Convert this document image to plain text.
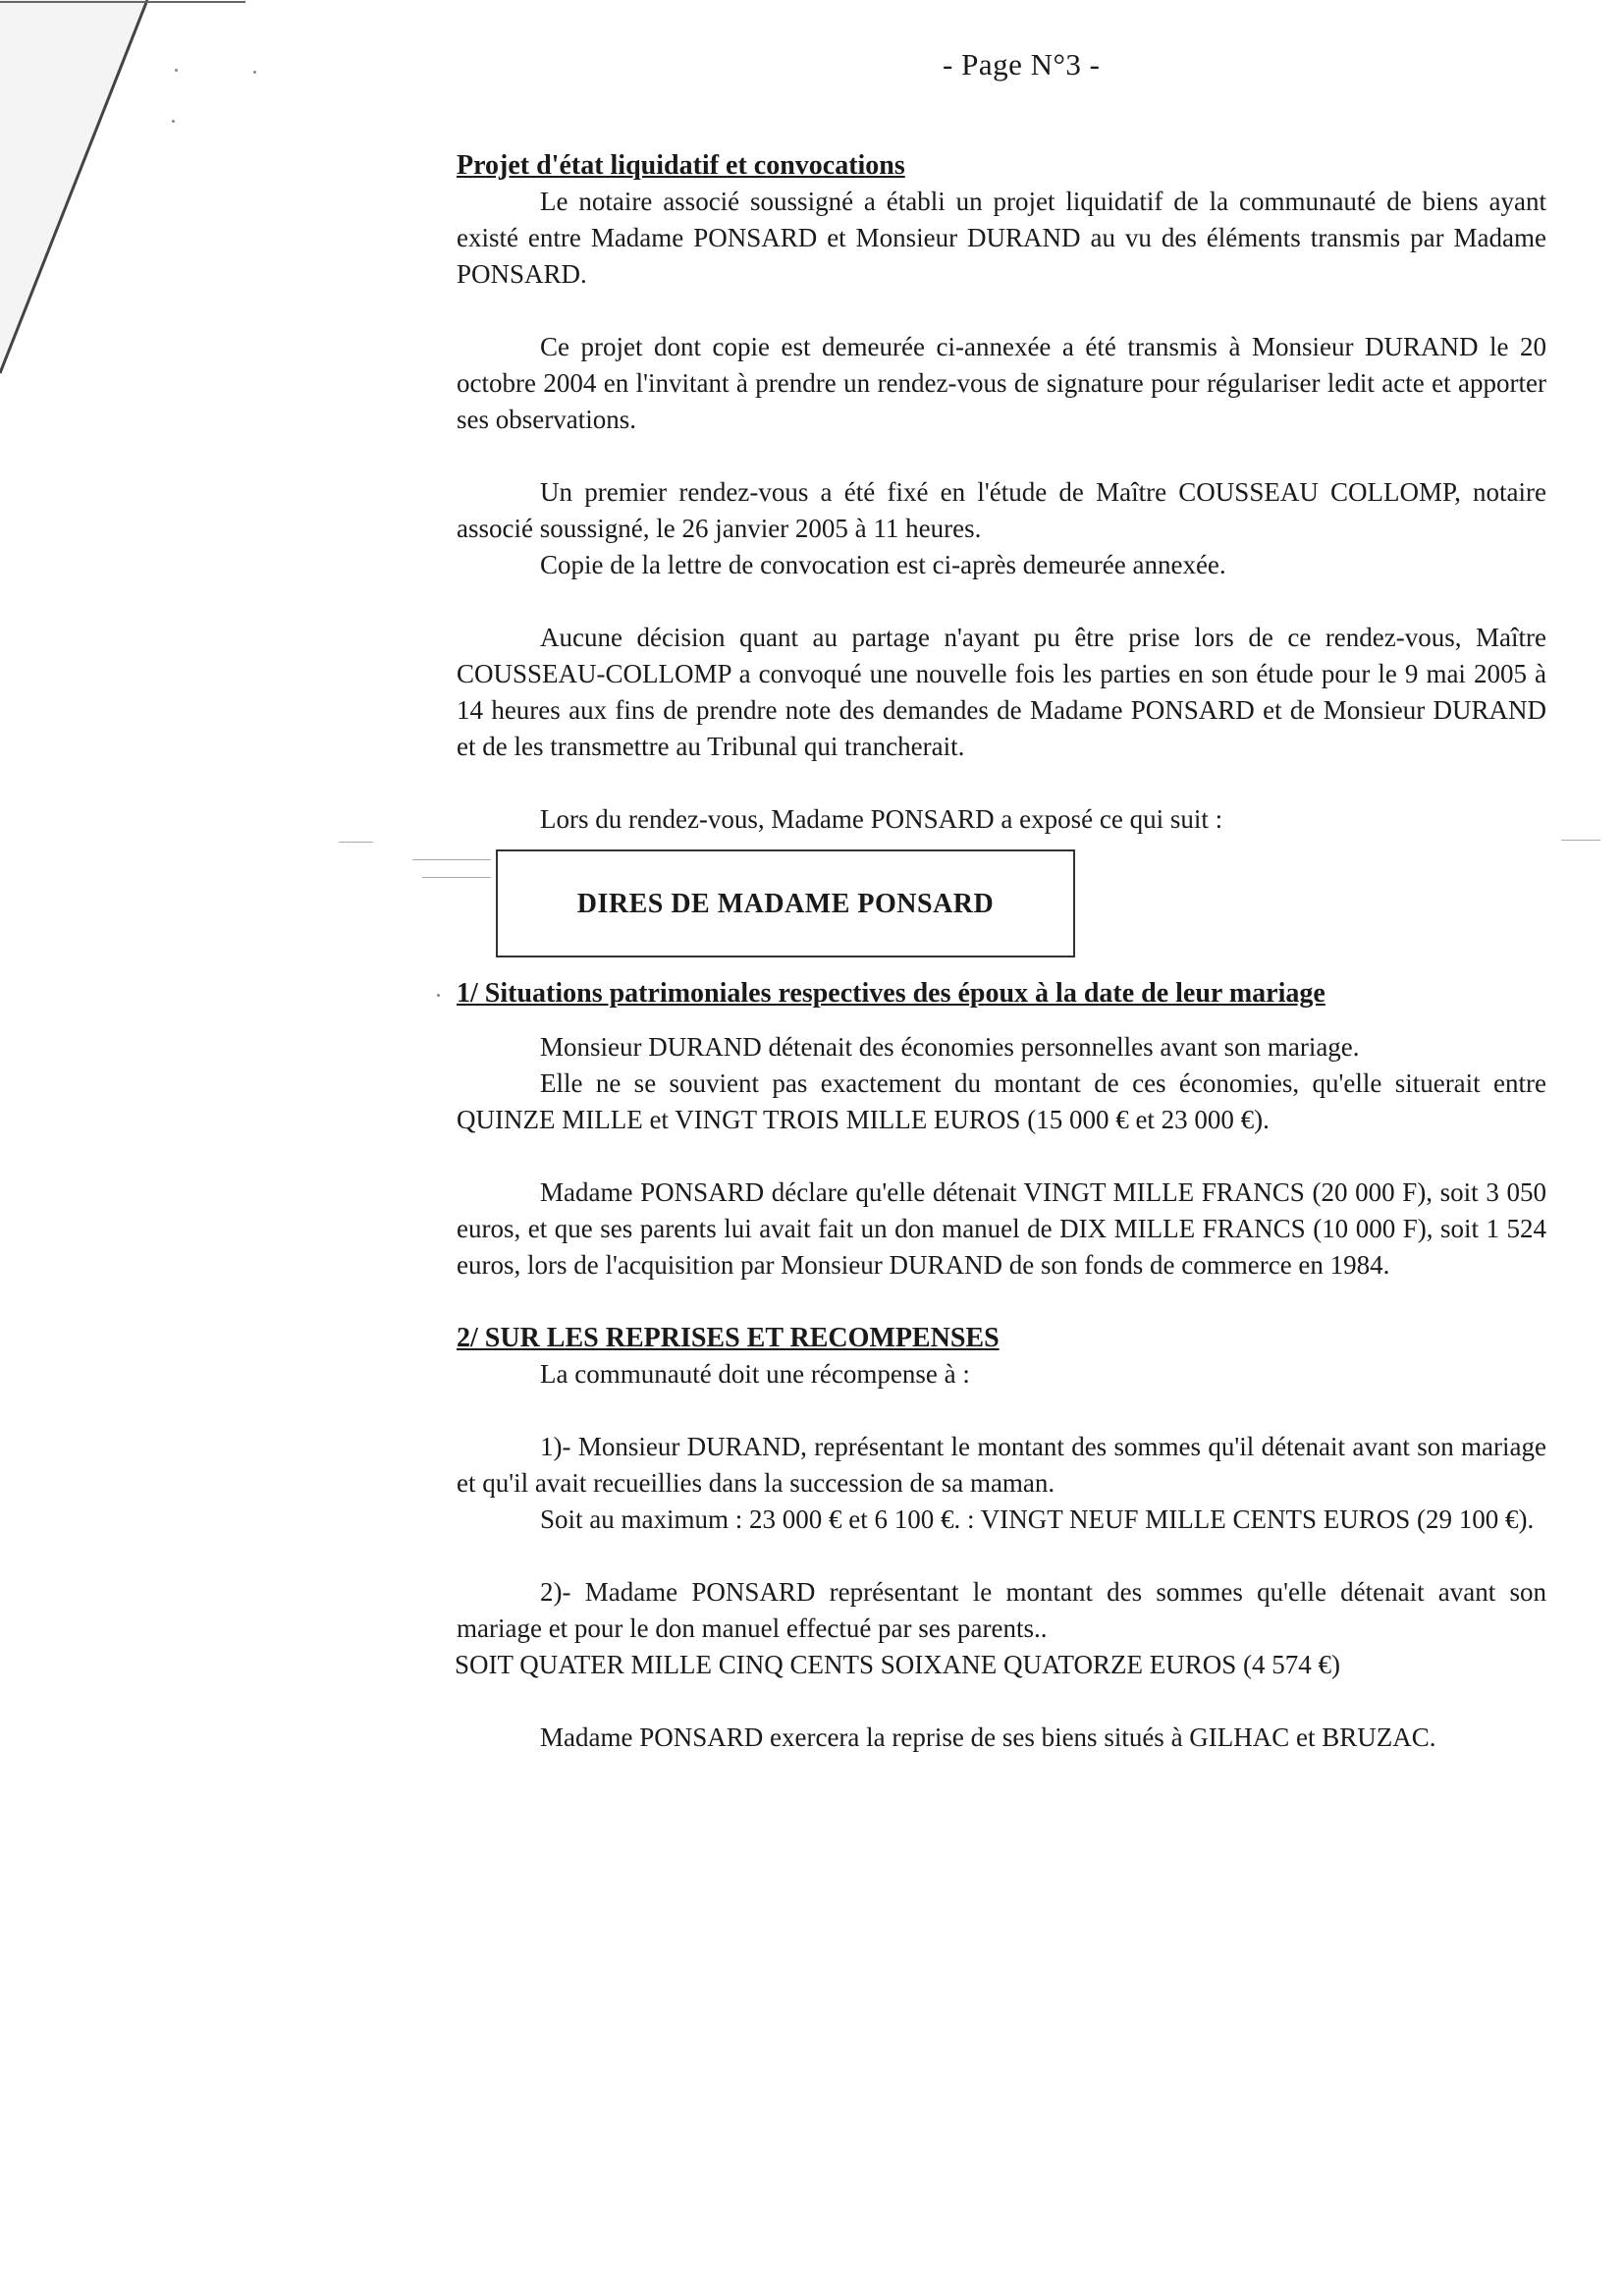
- Page N°3 -
Projet d'état liquidatif et convocations

Le notaire associé soussigné a établi un projet liquidatif de la communauté de biens ayant existé entre Madame PONSARD et Monsieur DURAND au vu des éléments transmis par Madame PONSARD.

Ce projet dont copie est demeurée ci-annexée a été transmis à Monsieur DURAND le 20 octobre 2004 en l'invitant à prendre un rendez-vous de signature pour régulariser ledit acte et apporter ses observations.

Un premier rendez-vous a été fixé en l'étude de Maître COUSSEAU COLLOMP, notaire associé soussigné, le 26 janvier 2005 à 11 heures.

Copie de la lettre de convocation est ci-après demeurée annexée.

Aucune décision quant au partage n'ayant pu être prise lors de ce rendez-vous, Maître COUSSEAU-COLLOMP a convoqué une nouvelle fois les parties en son étude pour le 9 mai 2005 à 14 heures aux fins de prendre note des demandes de Madame PONSARD et de Monsieur DURAND et de les transmettre au Tribunal qui trancherait.

Lors du rendez-vous, Madame PONSARD a exposé ce qui suit :

DIRES DE MADAME PONSARD
1/ Situations patrimoniales respectives des époux à la date de leur mariage

Monsieur DURAND détenait des économies personnelles avant son mariage.

Elle ne se souvient pas exactement du montant de ces économies, qu'elle situerait entre QUINZE MILLE et VINGT TROIS MILLE EUROS (15 000 € et 23 000 €).

Madame PONSARD déclare qu'elle détenait VINGT MILLE FRANCS (20 000 F), soit 3 050 euros, et que ses parents lui avait fait un don manuel de DIX MILLE FRANCS (10 000 F), soit 1 524 euros, lors de l'acquisition par Monsieur DURAND de son fonds de commerce en 1984.

2/ SUR LES REPRISES ET RECOMPENSES

La communauté doit une récompense à :

1)- Monsieur DURAND, représentant le montant des sommes qu'il détenait avant son mariage et qu'il avait recueillies dans la succession de sa maman.

Soit au maximum : 23 000 € et 6 100 €. : VINGT NEUF MILLE CENTS EUROS (29 100 €).

2)- Madame PONSARD représentant le montant des sommes qu'elle détenait avant son mariage et pour le don manuel effectué par ses parents..

SOIT QUATER MILLE CINQ CENTS SOIXANE QUATORZE EUROS (4 574 €)

Madame PONSARD exercera la reprise de ses biens situés à GILHAC et BRUZAC.
